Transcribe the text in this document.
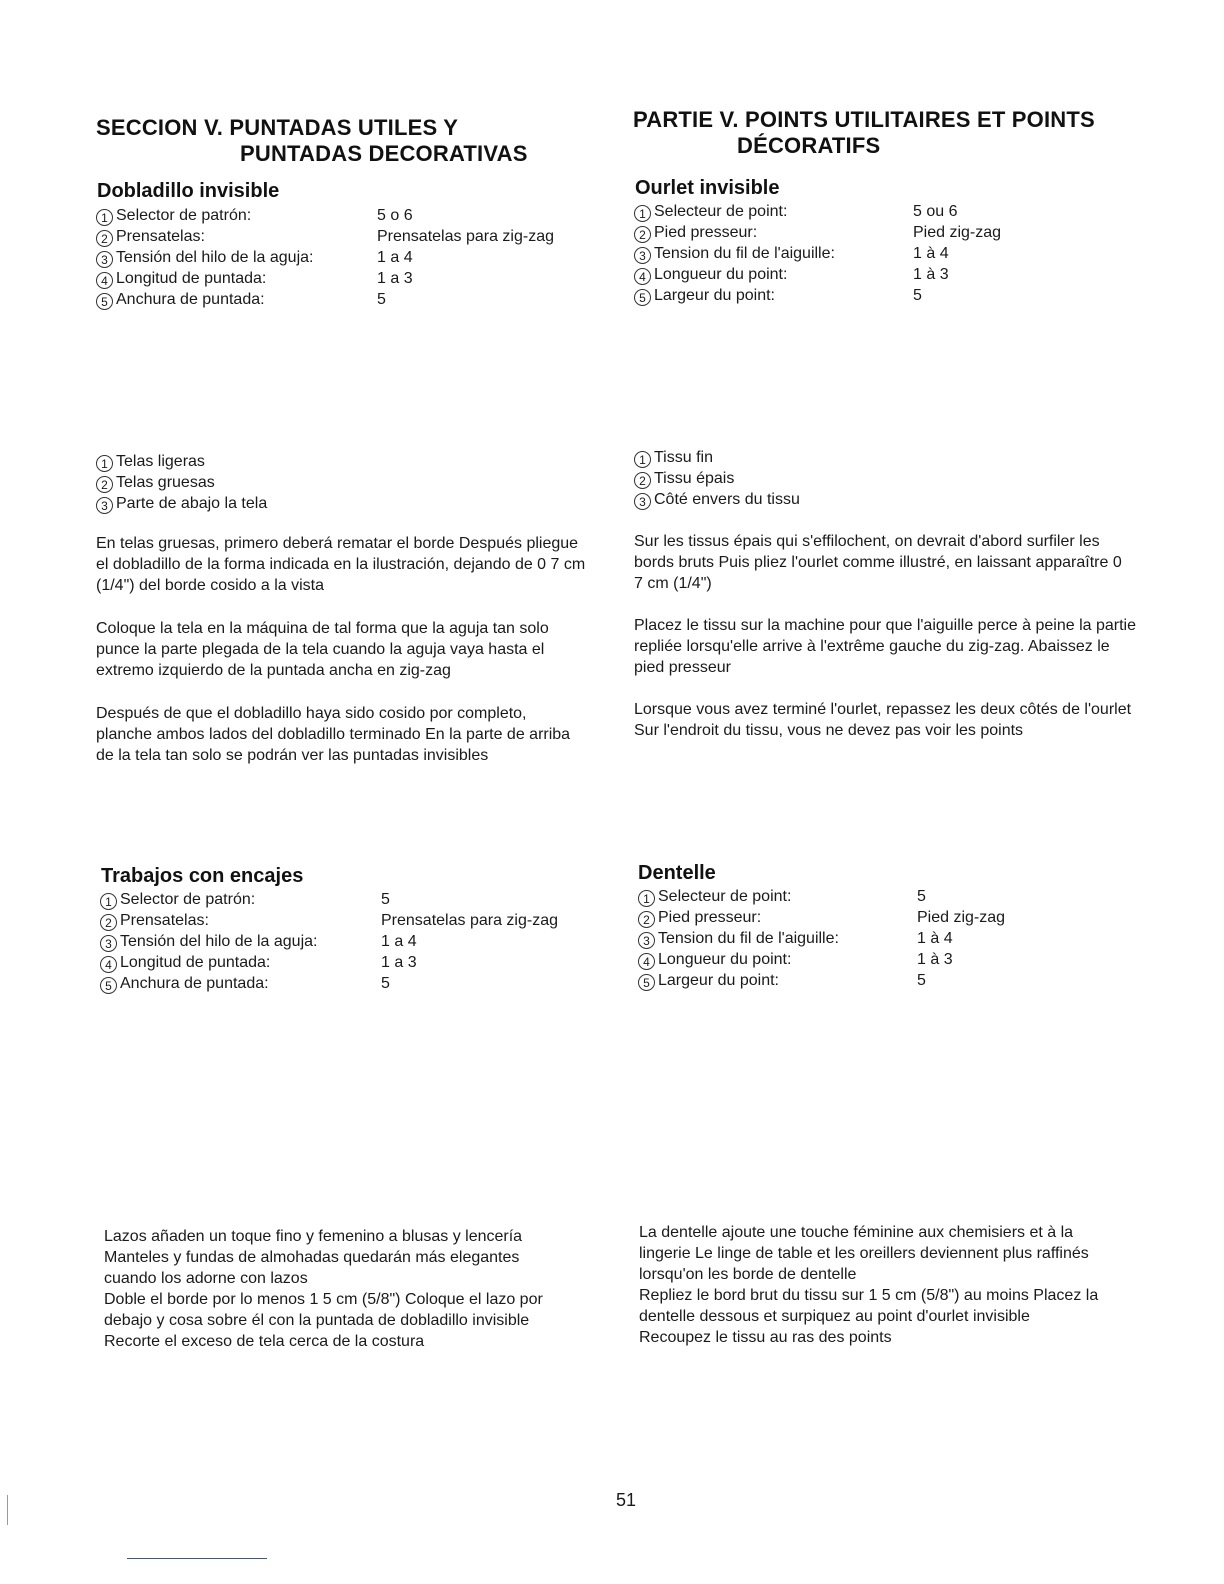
SECCION V. PUNTADAS UTILES Y
PUNTADAS DECORATIVAS
Dobladillo invisible
1 Selector de patrón:	5 o 6
2 Prensatelas:	Prensatelas para zig-zag
3 Tensión del hilo de la aguja:	1 a 4
4 Longitud de puntada:	1 a 3
5 Anchura de puntada:	5
1 Telas ligeras
2 Telas gruesas
3 Parte de abajo la tela

En telas gruesas, primero deberá rematar el borde Después pliegue el dobladillo de la forma indicada en la ilustración, dejando de 0 7 cm (1/4") del borde cosido a la vista

Coloque la tela en la máquina de tal forma que la aguja tan solo punce la parte plegada de la tela cuando la aguja vaya hasta el extremo izquierdo de la puntada ancha en zig-zag

Después de que el dobladillo haya sido cosido por completo, planche ambos lados del dobladillo terminado En la parte de arriba de la tela tan solo se podrán ver las puntadas invisibles

Trabajos con encajes
1 Selector de patrón:	5
2 Prensatelas:	Prensatelas para zig-zag
3 Tensión del hilo de la aguja:	1 a 4
4 Longitud de puntada:	1 a 3
5 Anchura de puntada:	5
Lazos añaden un toque fino y femenino a blusas y lencería
Manteles y fundas de almohadas quedarán más elegantes
cuando los adorne con lazos
Doble el borde por lo menos 1 5 cm (5/8") Coloque el lazo por
debajo y cosa sobre él con la puntada de dobladillo invisible
Recorte el exceso de tela cerca de la costura
PARTIE V. POINTS UTILITAIRES ET POINTS
DÉCORATIFS
Ourlet invisible
1 Selecteur de point:	5 ou 6
2 Pied presseur:	Pied zig-zag
3 Tension du fil de l'aiguille:	1 à 4
4 Longueur du point:	1 à 3
5 Largeur du point:	5
1 Tissu fin
2 Tissu épais
3 Côté envers du tissu

Sur les tissus épais qui s'effilochent, on devrait d'abord surfiler les bords bruts Puis pliez l'ourlet comme illustré, en laissant apparaître 0 7 cm (1/4")

Placez le tissu sur la machine pour que l'aiguille perce à peine la partie repliée lorsqu'elle arrive à l'extrême gauche du zig-zag. Abaissez le pied presseur

Lorsque vous avez terminé l'ourlet, repassez les deux côtés de l'ourlet Sur l'endroit du tissu, vous ne devez pas voir les points

Dentelle
1 Selecteur de point:	5
2 Pied presseur:	Pied zig-zag
3 Tension du fil de l'aiguille:	1 à 4
4 Longueur du point:	1 à 3
5 Largeur du point:	5
La dentelle ajoute une touche féminine aux chemisiers et à la
lingerie Le linge de table et les oreillers deviennent plus raffinés
lorsqu'on les borde de dentelle
Repliez le bord brut du tissu sur 1 5 cm (5/8") au moins Placez la
dentelle dessous et surpiquez au point d'ourlet invisible
Recoupez le tissu au ras des points
51
